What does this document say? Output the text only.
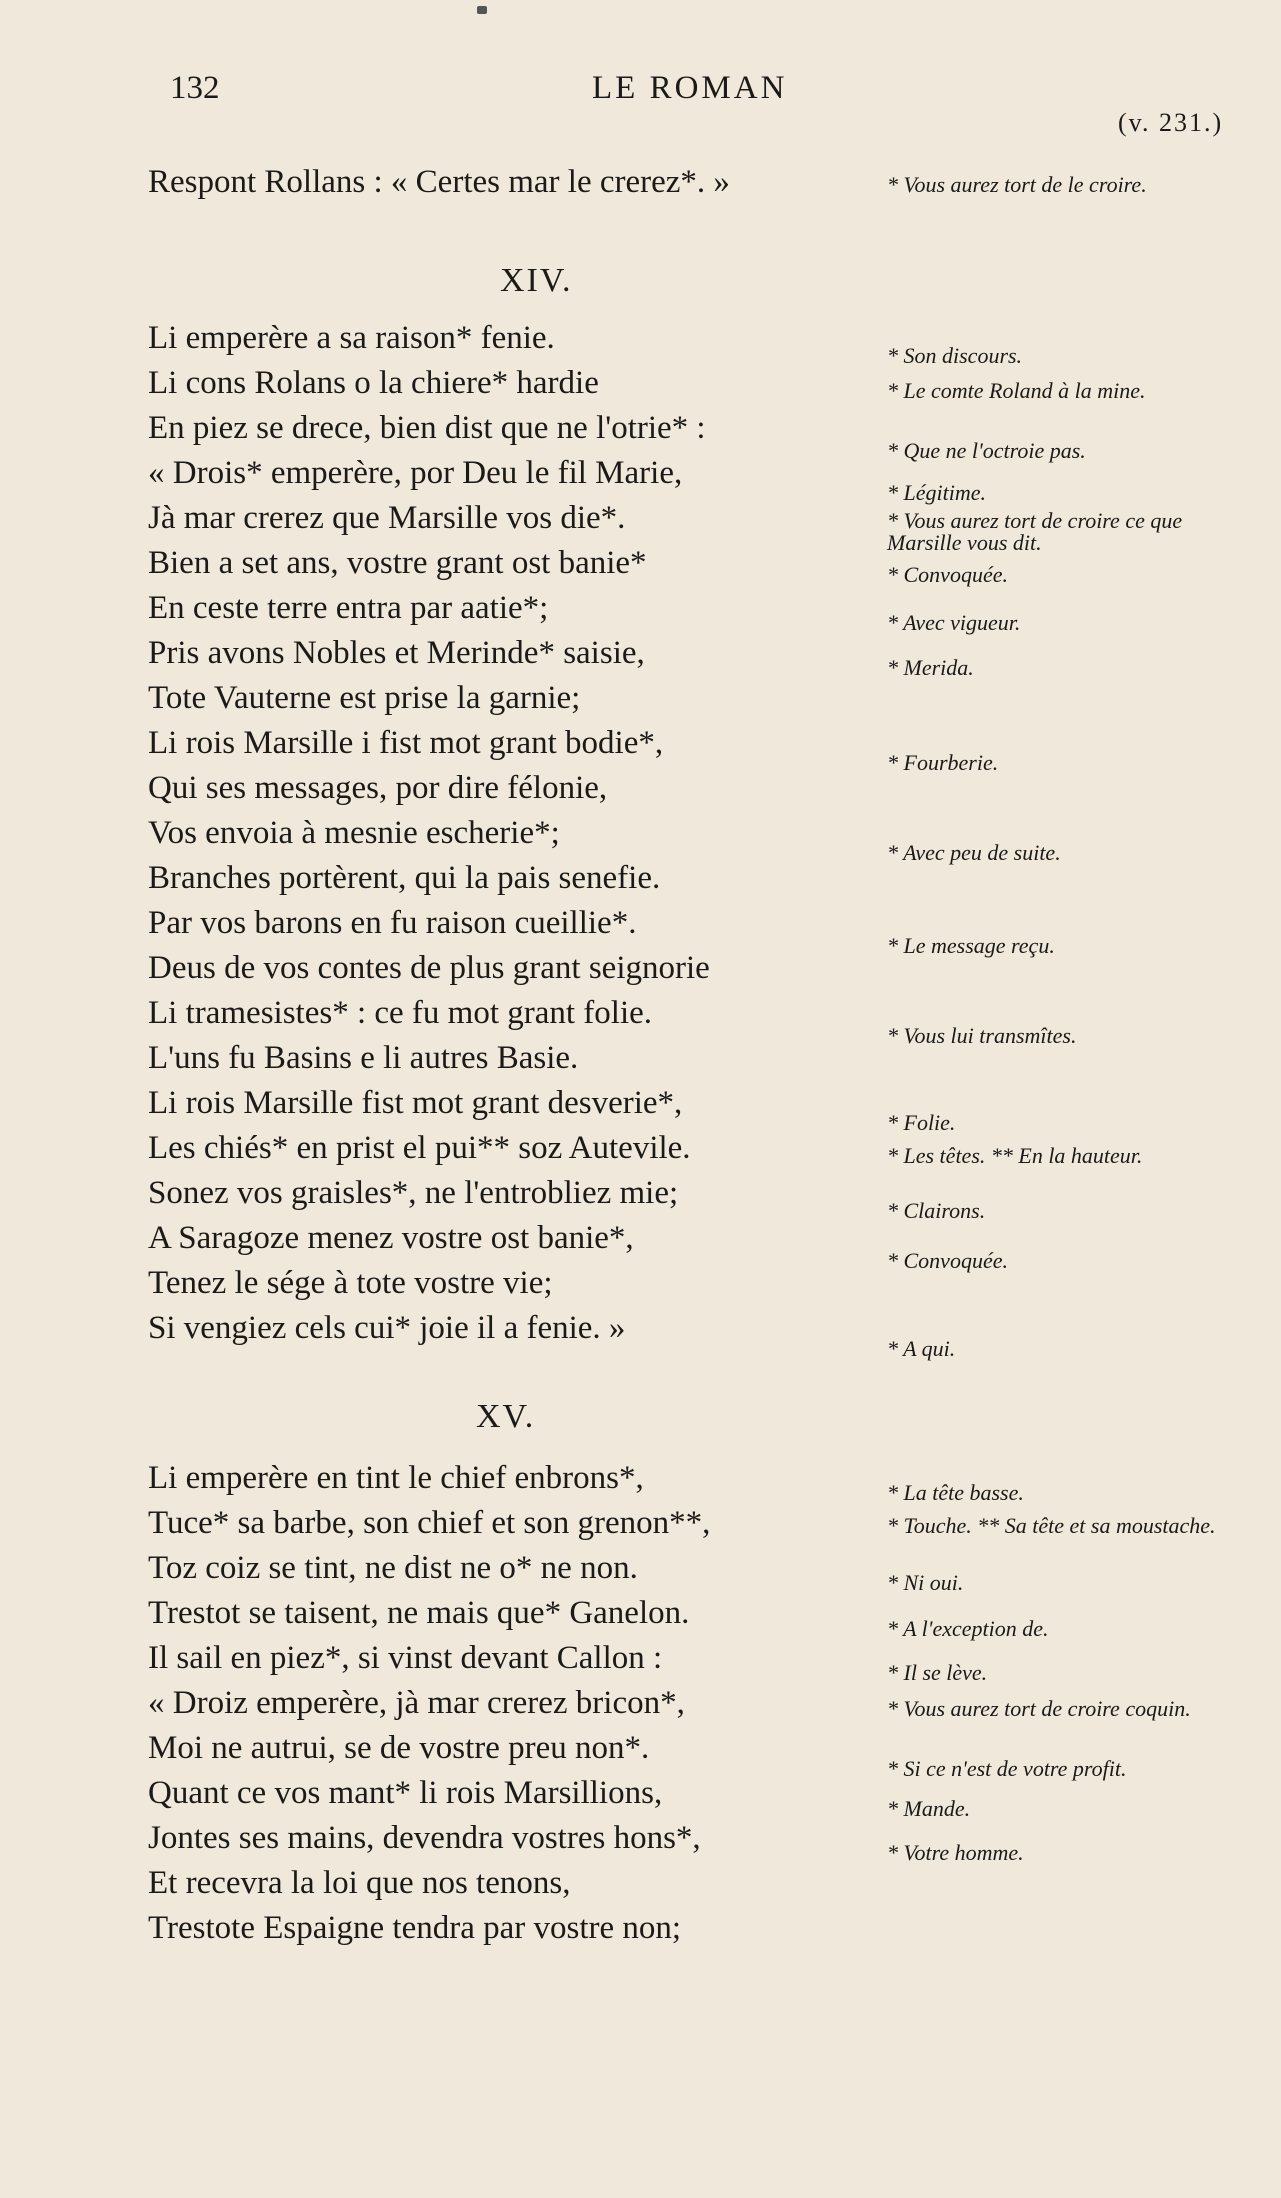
132	LE ROMAN
(v. 231.)
Respont Rollans : « Certes mar le crerez*. »	* Vous aurez tort de le croire.
XIV.
Li emperère a sa raison* fenie.
Li cons Rolans o la chiere* hardie
En piez se drece, bien dist que ne l'otrie* :
« Drois* emperère, por Deu le fil Marie,
Jà mar crerez que Marsille vos die*.
Bien a set ans, vostre grant ost banie*
En ceste terre entra par aatie*;
Pris avons Nobles et Merinde* saisie,
Tote Vauterne est prise la garnie;
Li rois Marsille i fist mot grant bodie*,
Qui ses messages, por dire félonie,
Vos envoia à mesnie escherie*;
Branches portèrent, qui la pais senefie.
Par vos barons en fu raison cueillie*.
Deus de vos contes de plus grant seignorie
Li tramesistes* : ce fu mot grant folie.
L'uns fu Basins e li autres Basie.
Li rois Marsille fist mot grant desverie*,
Les chiés* en prist el pui** soz Autevile.
Sonez vos graisles*, ne l'entrobliez mie;
A Saragoze menez vostre ost banie*,
Tenez le ségе à tote vostre vie;
Si vengiez cels cui* joie il a fenie. »
* Son discours.
* Le comte Roland à la mine.
* Que ne l'octroie pas.
* Légitime.
* Vous aurez tort de croire ce que Marsille vous dit.
* Convoquée.
* Avec vigueur.
* Merida.
* Fourberie.
* Avec peu de suite.
* Le message reçu.
* Vous lui transmîtes.
* Folie.
* Les têtes. ** En la hauteur.
* Clairons.
* Convoquée.
* A qui.
XV.
Li emperère en tint le chief enbrons*,
Tuce* sa barbe, son chief et son grenon**,
Toz coiz se tint, ne dist ne o* ne non.
Trestot se taisent, ne mais que* Ganelon.
Il sail en piez*, si vinst devant Callon :
« Droiz emperère, jà mar crerez bricon*,
Moi ne autrui, se de vostre preu non*.
Quant ce vos mant* li rois Marsillions,
Jontes ses mains, devendra vostres hons*,
Et recevra la loi que nos tenons,
Trestote Espaigne tendra par vostre non;
* La tête basse.
* Touche. ** Sa tête et sa moustache.
* Ni oui.
* A l'exception de.
* Il se lève.
* Vous aurez tort de croire coquin.
* Si ce n'est de votre profit.
* Mande.
* Votre homme.
